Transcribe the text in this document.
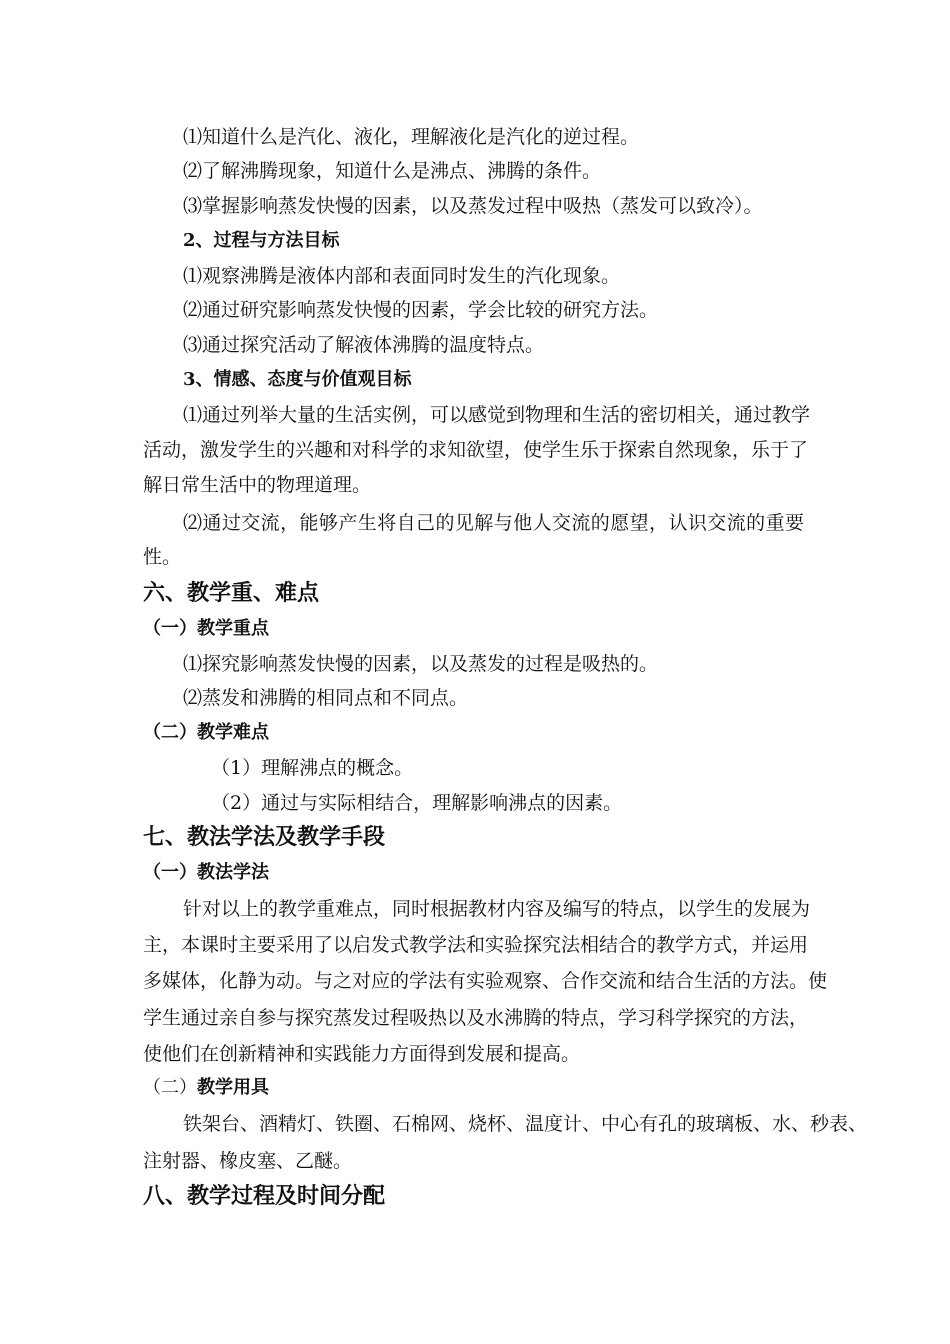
⑴知道什么是汽化、液化，理解液化是汽化的逆过程。
⑵了解沸腾现象，知道什么是沸点、沸腾的条件。
⑶掌握影响蒸发快慢的因素，以及蒸发过程中吸热（蒸发可以致冷）。
2、过程与方法目标
⑴观察沸腾是液体内部和表面同时发生的汽化现象。
⑵通过研究影响蒸发快慢的因素，学会比较的研究方法。
⑶通过探究活动了解液体沸腾的温度特点。
3、情感、态度与价值观目标
⑴通过列举大量的生活实例，可以感觉到物理和生活的密切相关，通过教学
活动，激发学生的兴趣和对科学的求知欲望，使学生乐于探索自然现象，乐于了
解日常生活中的物理道理。
⑵通过交流，能够产生将自己的见解与他人交流的愿望，认识交流的重要
性。
六、教学重、难点
（一）教学重点
⑴探究影响蒸发快慢的因素，以及蒸发的过程是吸热的。
⑵蒸发和沸腾的相同点和不同点。
（二）教学难点
（1）理解沸点的概念。
（2）通过与实际相结合，理解影响沸点的因素。
七、教法学法及教学手段
（一）教法学法
针对以上的教学重难点，同时根据教材内容及编写的特点，以学生的发展为
主，本课时主要采用了以启发式教学法和实验探究法相结合的教学方式，并运用
多媒体，化静为动。与之对应的学法有实验观察、合作交流和结合生活的方法。使
学生通过亲自参与探究蒸发过程吸热以及水沸腾的特点，学习科学探究的方法，
使他们在创新精神和实践能力方面得到发展和提高。
（二）教学用具
铁架台、酒精灯、铁圈、石棉网、烧杯、温度计、中心有孔的玻璃板、水、秒表、
注射器、橡皮塞、乙醚。
八、教学过程及时间分配
